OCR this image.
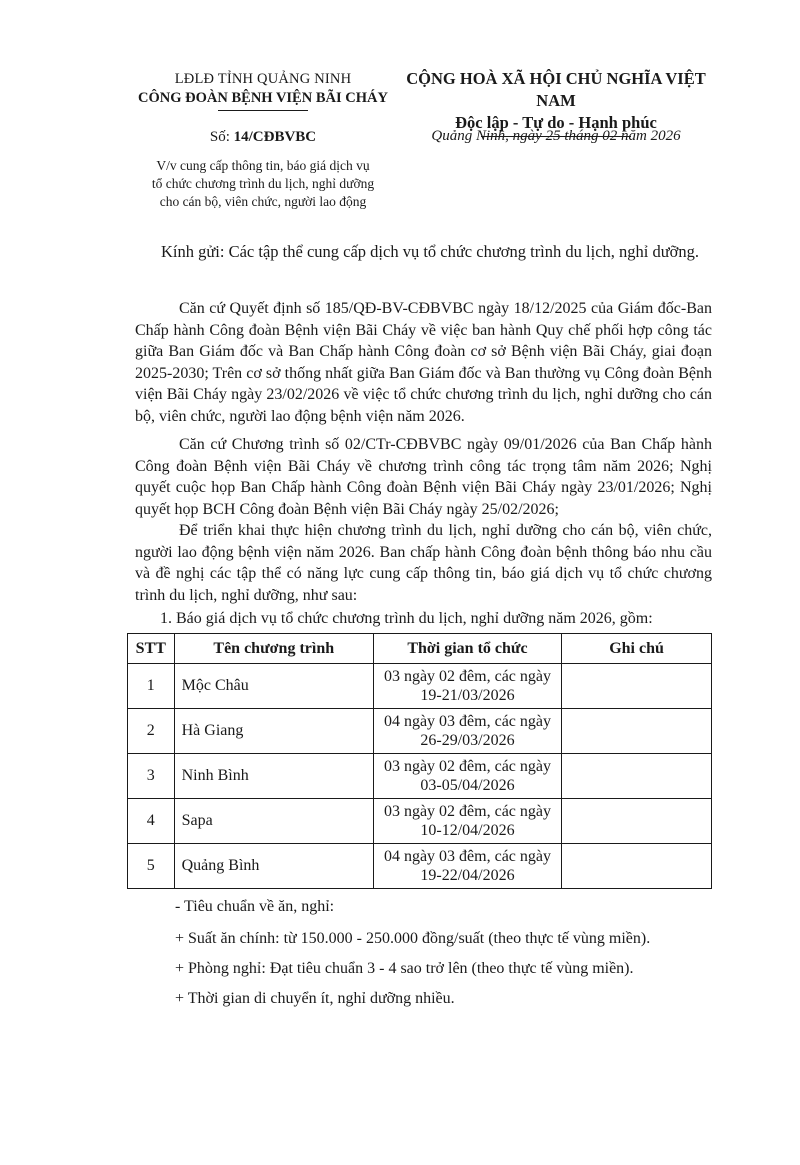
LĐLĐ TỈNH QUẢNG NINH
CÔNG ĐOÀN BỆNH VIỆN BÃI CHÁY
CỘNG HOÀ XÃ HỘI CHỦ NGHĨA VIỆT NAM
Độc lập - Tự do - Hạnh phúc
Số: 14/CĐBVBC	Quảng Ninh, ngày 25 tháng 02 năm 2026
V/v cung cấp thông tin, báo giá dịch vụ
tổ chức chương trình du lịch, nghỉ dưỡng
cho cán bộ, viên chức, người lao động
Kính gửi: Các tập thể cung cấp dịch vụ tổ chức chương trình du lịch, nghỉ dưỡng.
Căn cứ Quyết định số 185/QĐ-BV-CĐBVBC ngày 18/12/2025 của Giám đốc-Ban Chấp hành Công đoàn Bệnh viện Bãi Cháy về việc ban hành Quy chế phối hợp công tác giữa Ban Giám đốc và Ban Chấp hành Công đoàn cơ sở Bệnh viện Bãi Cháy, giai đoạn 2025-2030; Trên cơ sở thống nhất giữa Ban Giám đốc và Ban thường vụ Công đoàn Bệnh viện Bãi Cháy ngày 23/02/2026 về việc tổ chức chương trình du lịch, nghỉ dưỡng cho cán bộ, viên chức, người lao động bệnh viện năm 2026.
Căn cứ Chương trình số 02/CTr-CĐBVBC ngày 09/01/2026 của Ban Chấp hành Công đoàn Bệnh viện Bãi Cháy về chương trình công tác trọng tâm năm 2026; Nghị quyết cuộc họp Ban Chấp hành Công đoàn Bệnh viện Bãi Cháy ngày 23/01/2026; Nghị quyết họp BCH Công đoàn Bệnh viện Bãi Cháy ngày 25/02/2026;
Để triển khai thực hiện chương trình du lịch, nghỉ dưỡng cho cán bộ, viên chức, người lao động bệnh viện năm 2026. Ban chấp hành Công đoàn bệnh thông báo nhu cầu và đề nghị các tập thể có năng lực cung cấp thông tin, báo giá dịch vụ tổ chức chương trình du lịch, nghỉ dưỡng, như sau:
1. Báo giá dịch vụ tổ chức chương trình du lịch, nghỉ dưỡng năm 2026, gồm:
STT	Tên chương trình	Thời gian tổ chức	Ghi chú
1	Mộc Châu	03 ngày 02 đêm, các ngày
19-21/03/2026	

2	Hà Giang	04 ngày 03 đêm, các ngày
26-29/03/2026	

3	Ninh Bình	03 ngày 02 đêm, các ngày
03-05/04/2026	

4	Sapa	03 ngày 02 đêm, các ngày
10-12/04/2026	

5	Quảng Bình	04 ngày 03 đêm, các ngày
19-22/04/2026	

- Tiêu chuẩn về ăn, nghỉ:
+ Suất ăn chính: từ 150.000 - 250.000 đồng/suất (theo thực tế vùng miền).
+ Phòng nghỉ: Đạt tiêu chuẩn 3 - 4 sao trở lên (theo thực tế vùng miền).
+ Thời gian di chuyển ít, nghỉ dưỡng nhiều.
